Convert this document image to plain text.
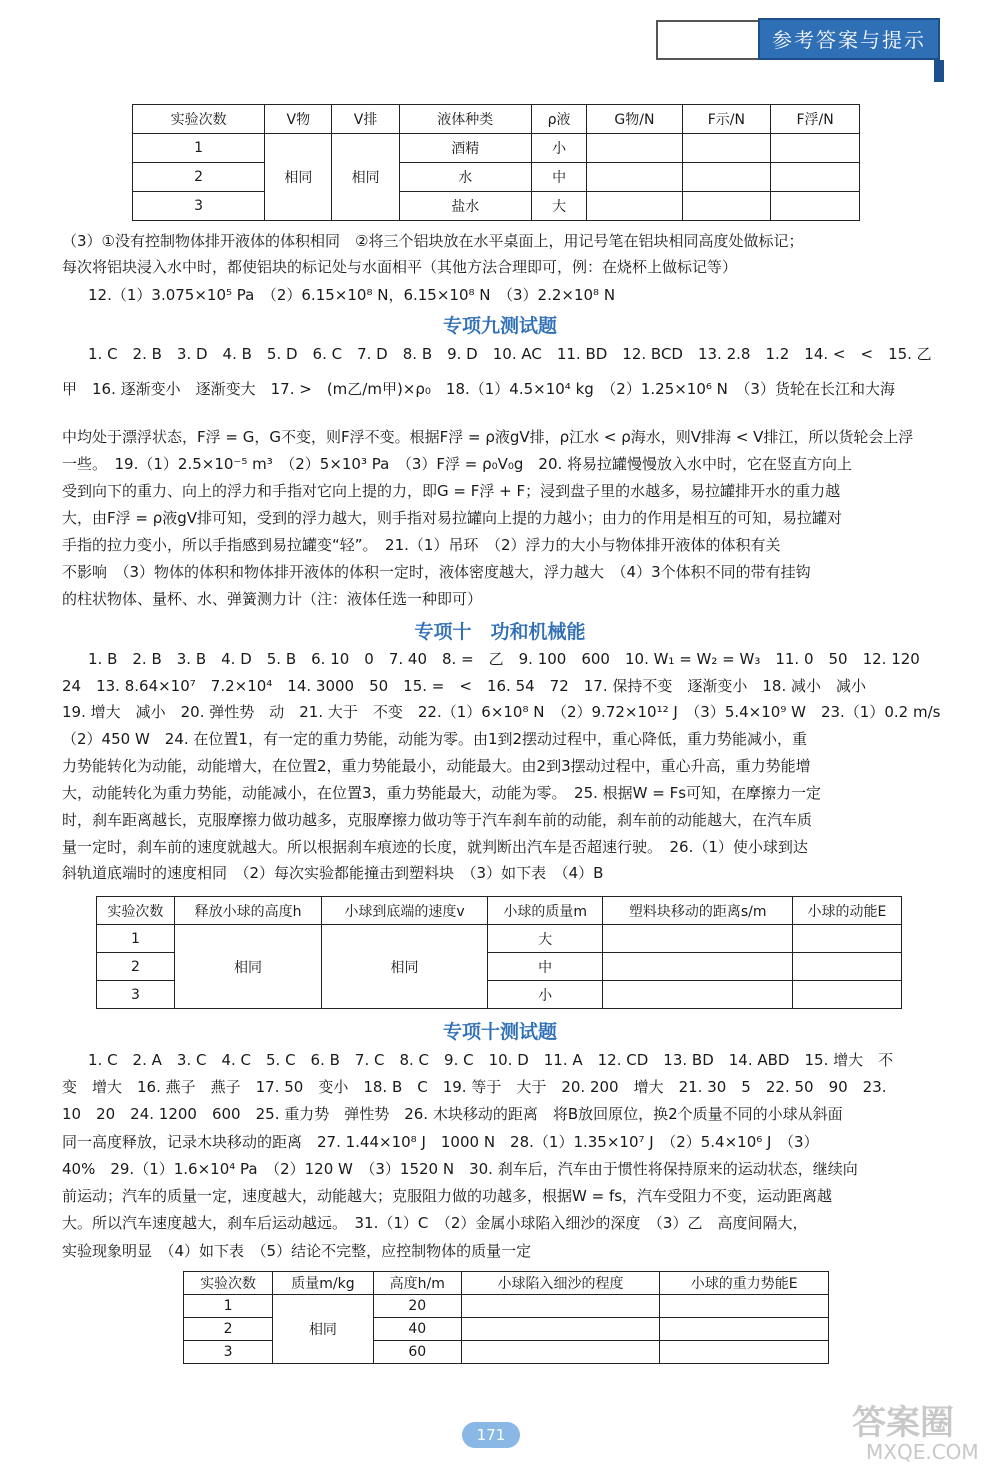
参考答案与提示
实验次数	V物	V排	液体种类	ρ液	G物/N	F示/N	F浮/N
1	相同	相同	酒精	小			
2			水	中			
3			盐水	大			
（3）①没有控制物体排开液体的体积相同　②将三个铝块放在水平桌面上，用记号笔在铝块相同高度处做标记；
每次将铝块浸入水中时，都使铝块的标记处与水面相平（其他方法合理即可，例：在烧杯上做标记等）
12.（1）3.075×10⁵ Pa　（2）6.15×10⁸ N，6.15×10⁸ N　（3）2.2×10⁸ N
专项九测试题
1. C　2. B　3. D　4. B　5. D　6. C　7. D　8. B　9. D　10. AC　11. BD　12. BCD　13. 2.8　1.2　14. <　<　15. 乙
甲　16. 逐渐变小　逐渐变大　17. >　(m乙/m甲)×ρ₀　18.（1）4.5×10⁴ kg　（2）1.25×10⁶ N　（3）货轮在长江和大海
中均处于漂浮状态，F浮 = G，G不变，则F浮不变。根据F浮 = ρ液gV排，ρ江水 < ρ海水，则V排海 < V排江，所以货轮会上浮
一些。　19.（1）2.5×10⁻⁵ m³　（2）5×10³ Pa　（3）F浮 = ρ₀V₀g　20. 将易拉罐慢慢放入水中时，它在竖直方向上
受到向下的重力、向上的浮力和手指对它向上提的力，即G = F浮 + F；浸到盘子里的水越多，易拉罐排开水的重力越
大，由F浮 = ρ液gV排可知，受到的浮力越大，则手指对易拉罐向上提的力越小；由力的作用是相互的可知，易拉罐对
手指的拉力变小，所以手指感到易拉罐变“轻”。　21.（1）吊环　（2）浮力的大小与物体排开液体的体积有关
不影响　（3）物体的体积和物体排开液体的体积一定时，液体密度越大，浮力越大　（4）3个体积不同的带有挂钩
的柱状物体、量杯、水、弹簧测力计（注：液体任选一种即可）
专项十　功和机械能
1. B　2. B　3. B　4. D　5. B　6. 10　0　7. 40　8. =　乙　9. 100　600　10. W₁ = W₂ = W₃　11. 0　50　12. 120
24　13. 8.64×10⁷　7.2×10⁴　14. 3000　50　15. =　<　16. 54　72　17. 保持不变　逐渐变小　18. 减小　减小
19. 增大　减小　20. 弹性势　动　21. 大于　不变　22.（1）6×10⁸ N　（2）9.72×10¹² J　（3）5.4×10⁹ W　23.（1）0.2 m/s
（2）450 W　24. 在位置1，有一定的重力势能，动能为零。由1到2摆动过程中，重心降低，重力势能减小，重
力势能转化为动能，动能增大，在位置2，重力势能最小，动能最大。由2到3摆动过程中，重心升高，重力势能增
大，动能转化为重力势能，动能减小，在位置3，重力势能最大，动能为零。　25. 根据W = Fs可知，在摩擦力一定
时，刹车距离越长，克服摩擦力做功越多，克服摩擦力做功等于汽车刹车前的动能，刹车前的动能越大，在汽车质
量一定时，刹车前的速度就越大。所以根据刹车痕迹的长度，就判断出汽车是否超速行驶。　26.（1）使小球到达
斜轨道底端时的速度相同　（2）每次实验都能撞击到塑料块　（3）如下表　（4）B
实验次数	释放小球的高度h	小球到底端的速度v	小球的质量m	塑料块移动的距离s/m	小球的动能E
1	相同	相同	大		
2			中		
3			小		
专项十测试题
1. C　2. A　3. C　4. C　5. C　6. B　7. C　8. C　9. C　10. D　11. A　12. CD　13. BD　14. ABD　15. 增大　不
变　增大　16. 燕子　燕子　17. 50　变小　18. B　C　19. 等于　大于　20. 200　增大　21. 30　5　22. 50　90　23.
10　20　24. 1200　600　25. 重力势　弹性势　26. 木块移动的距离　将B放回原位，换2个质量不同的小球从斜面
同一高度释放，记录木块移动的距离　27. 1.44×10⁸ J　1000 N　28.（1）1.35×10⁷ J　（2）5.4×10⁶ J　（3）
40%　29.（1）1.6×10⁴ Pa　（2）120 W　（3）1520 N　30. 刹车后，汽车由于惯性将保持原来的运动状态，继续向
前运动；汽车的质量一定，速度越大，动能越大；克服阻力做的功越多，根据W = fs，汽车受阻力不变，运动距离越
大。所以汽车速度越大，刹车后运动越远。　31.（1）C　（2）金属小球陷入细沙的深度　（3）乙　高度间隔大，
实验现象明显　（4）如下表　（5）结论不完整，应控制物体的质量一定
实验次数	质量m/kg	高度h/m	小球陷入细沙的程度	小球的重力势能E
1	相同	20		
2		40		
3		60		
171	答案圈
MXQE.COM
